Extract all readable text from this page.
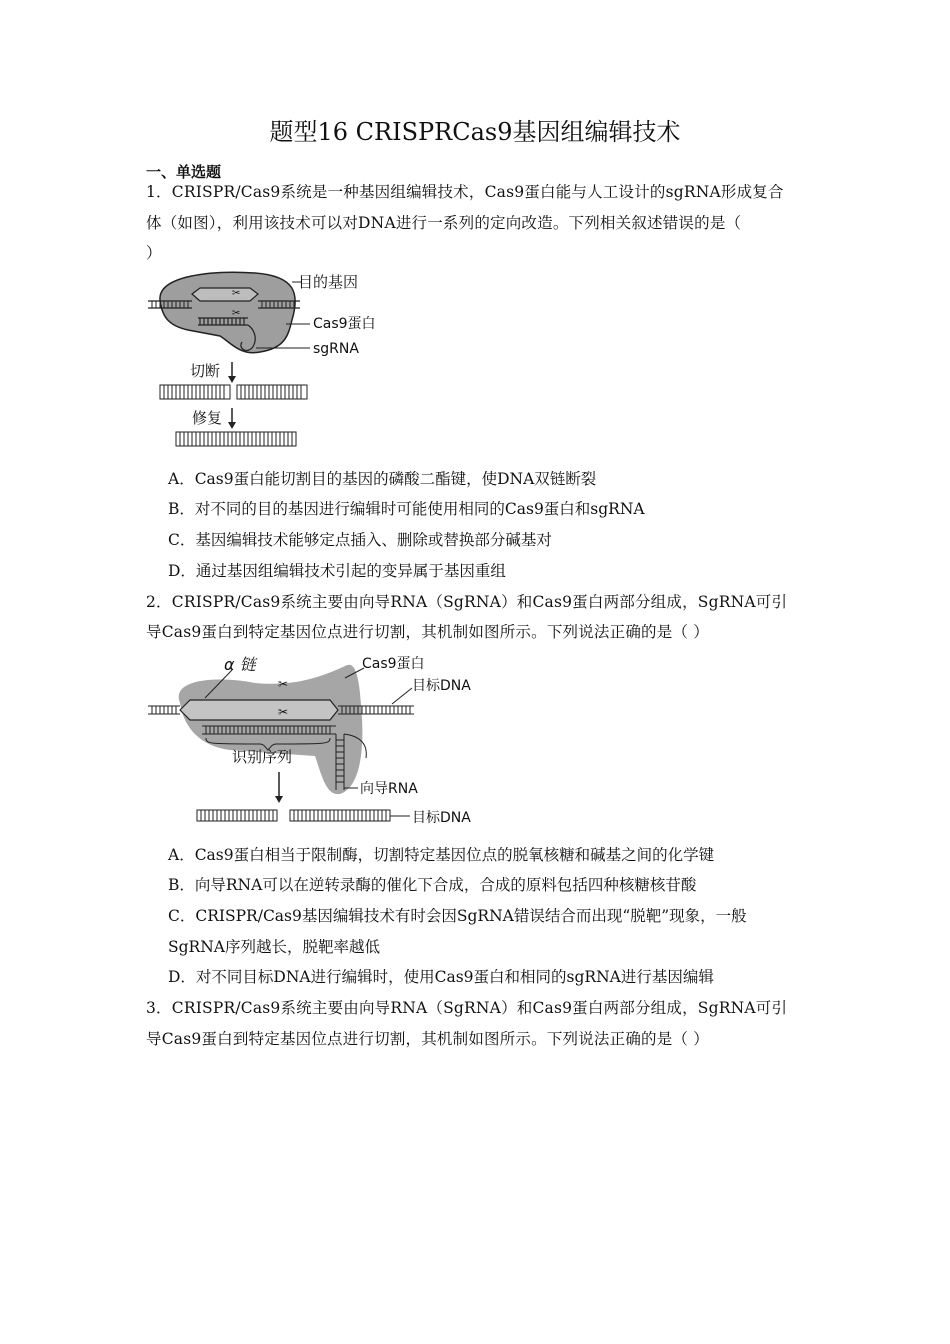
题型16 CRISPRCas9基因组编辑技术
一、单选题
1．CRISPR/Cas9系统是一种基因组编辑技术，Cas9蛋白能与人工设计的sgRNA形成复合
体（如图），利用该技术可以对DNA进行一系列的定向改造。下列相关叙述错误的是（
）
✂
✂
目的基因
Cas9蛋白
sgRNA
切断
修复
A．Cas9蛋白能切割目的基因的磷酸二酯键，使DNA双链断裂
B．对不同的目的基因进行编辑时可能使用相同的Cas9蛋白和sgRNA
C．基因编辑技术能够定点插入、删除或替换部分碱基对
D．通过基因组编辑技术引起的变异属于基因重组
2．CRISPR/Cas9系统主要由向导RNA（SgRNA）和Cas9蛋白两部分组成，SgRNA可引
导Cas9蛋白到特定基因位点进行切割，其机制如图所示。下列说法正确的是（ ）
✂
✂
α 链	Cas9蛋白
目标DNA
识别序列
向导RNA
目标DNA
A．Cas9蛋白相当于限制酶，切割特定基因位点的脱氧核糖和碱基之间的化学键
B．向导RNA可以在逆转录酶的催化下合成，合成的原料包括四种核糖核苷酸
C．CRISPR/Cas9基因编辑技术有时会因SgRNA错误结合而出现“脱靶”现象，一般
SgRNA序列越长，脱靶率越低
D．对不同目标DNA进行编辑时，使用Cas9蛋白和相同的sgRNA进行基因编辑
3．CRISPR/Cas9系统主要由向导RNA（SgRNA）和Cas9蛋白两部分组成，SgRNA可引
导Cas9蛋白到特定基因位点进行切割，其机制如图所示。下列说法正确的是（ ）
